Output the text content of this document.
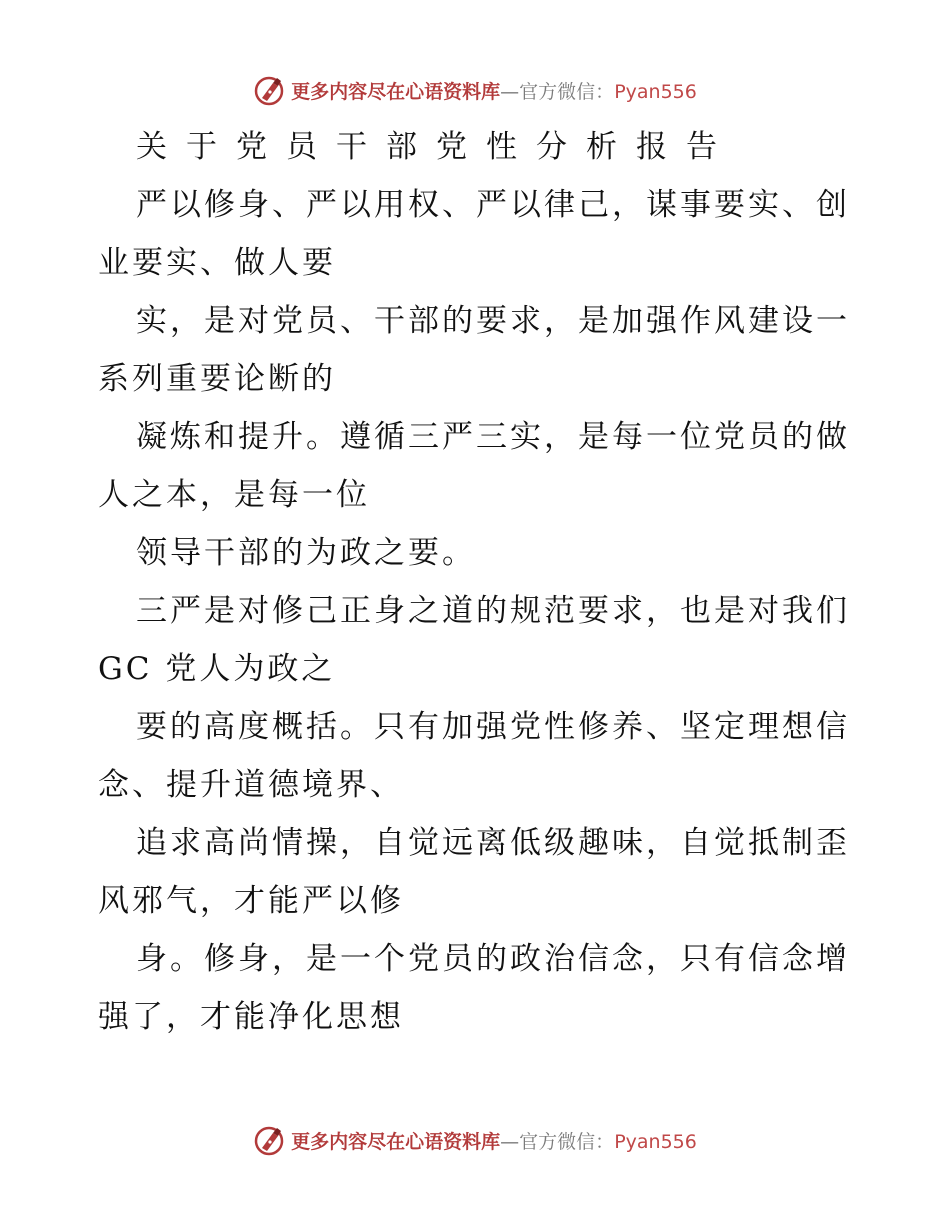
更多内容尽在心语资料库—官方微信：Pyan556
关于党员干部党性分析报告
严以修身、严以用权、严以律己，谋事要实、创
业要实、做人要
实，是对党员、干部的要求，是加强作风建设一
系列重要论断的
凝炼和提升。遵循三严三实，是每一位党员的做
人之本，是每一位
领导干部的为政之要。
三严是对修己正身之道的规范要求，也是对我们
GC 党人为政之
要的高度概括。只有加强党性修养、坚定理想信
念、提升道德境界、
追求高尚情操，自觉远离低级趣味，自觉抵制歪
风邪气，才能严以修
身。修身，是一个党员的政治信念，只有信念增
强了，才能净化思想
更多内容尽在心语资料库—官方微信：Pyan556
